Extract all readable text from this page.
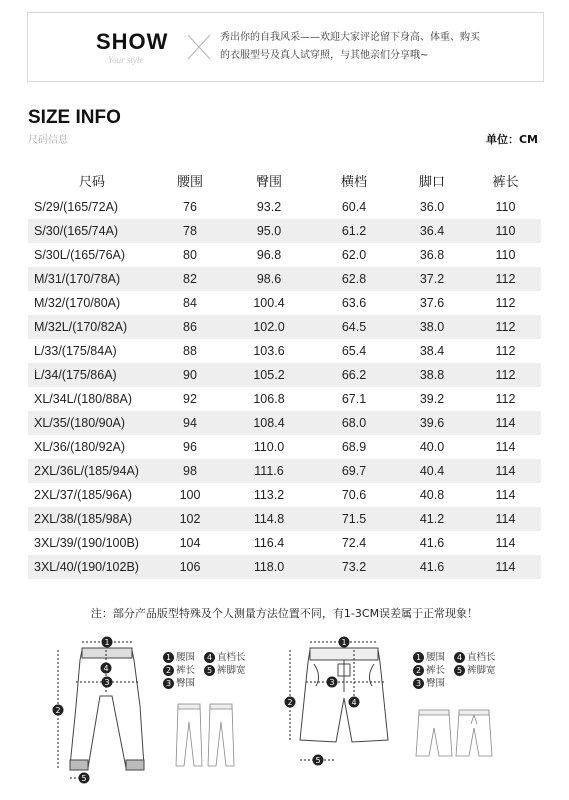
SHOW
Your style
秀出你的自我风采——欢迎大家评论留下身高、体重、购买
的衣服型号及真人试穿照，与其他亲们分享哦~
SIZE INFO
尺码信息	单位：CM
尺码	腰围	臀围	横档	脚口	裤长
S/29/(165/72A)	76	93.2	60.4	36.0	110
S/30/(165/74A)	78	95.0	61.2	36.4	110
S/30L/(165/76A)	80	96.8	62.0	36.8	110
M/31/(170/78A)	82	98.6	62.8	37.2	112
M/32/(170/80A)	84	100.4	63.6	37.6	112
M/32L/(170/82A)	86	102.0	64.5	38.0	112
L/33/(175/84A)	88	103.6	65.4	38.4	112
L/34/(175/86A)	90	105.2	66.2	38.8	112
XL/34L/(180/88A)	92	106.8	67.1	39.2	112
XL/35/(180/90A)	94	108.4	68.0	39.6	114
XL/36/(180/92A)	96	110.0	68.9	40.0	114
2XL/36L/(185/94A)	98	111.6	69.7	40.4	114
2XL/37/(185/96A)	100	113.2	70.6	40.8	114
2XL/38/(185/98A)	102	114.8	71.5	41.2	114
3XL/39/(190/100B)	104	116.4	72.4	41.6	114
3XL/40/(190/102B)	106	118.0	73.2	41.6	114
注：部分产品版型特殊及个人测量方法位置不同，有1-3CM误差属于正常现象！
1
2
3
4
5
1 腰围 4 直档长
2 裤长 5 裤脚宽
3 臀围
1
2
3
4
5
1 腰围 4 直档长
2 裤长 5 裤脚宽
3 臀围
